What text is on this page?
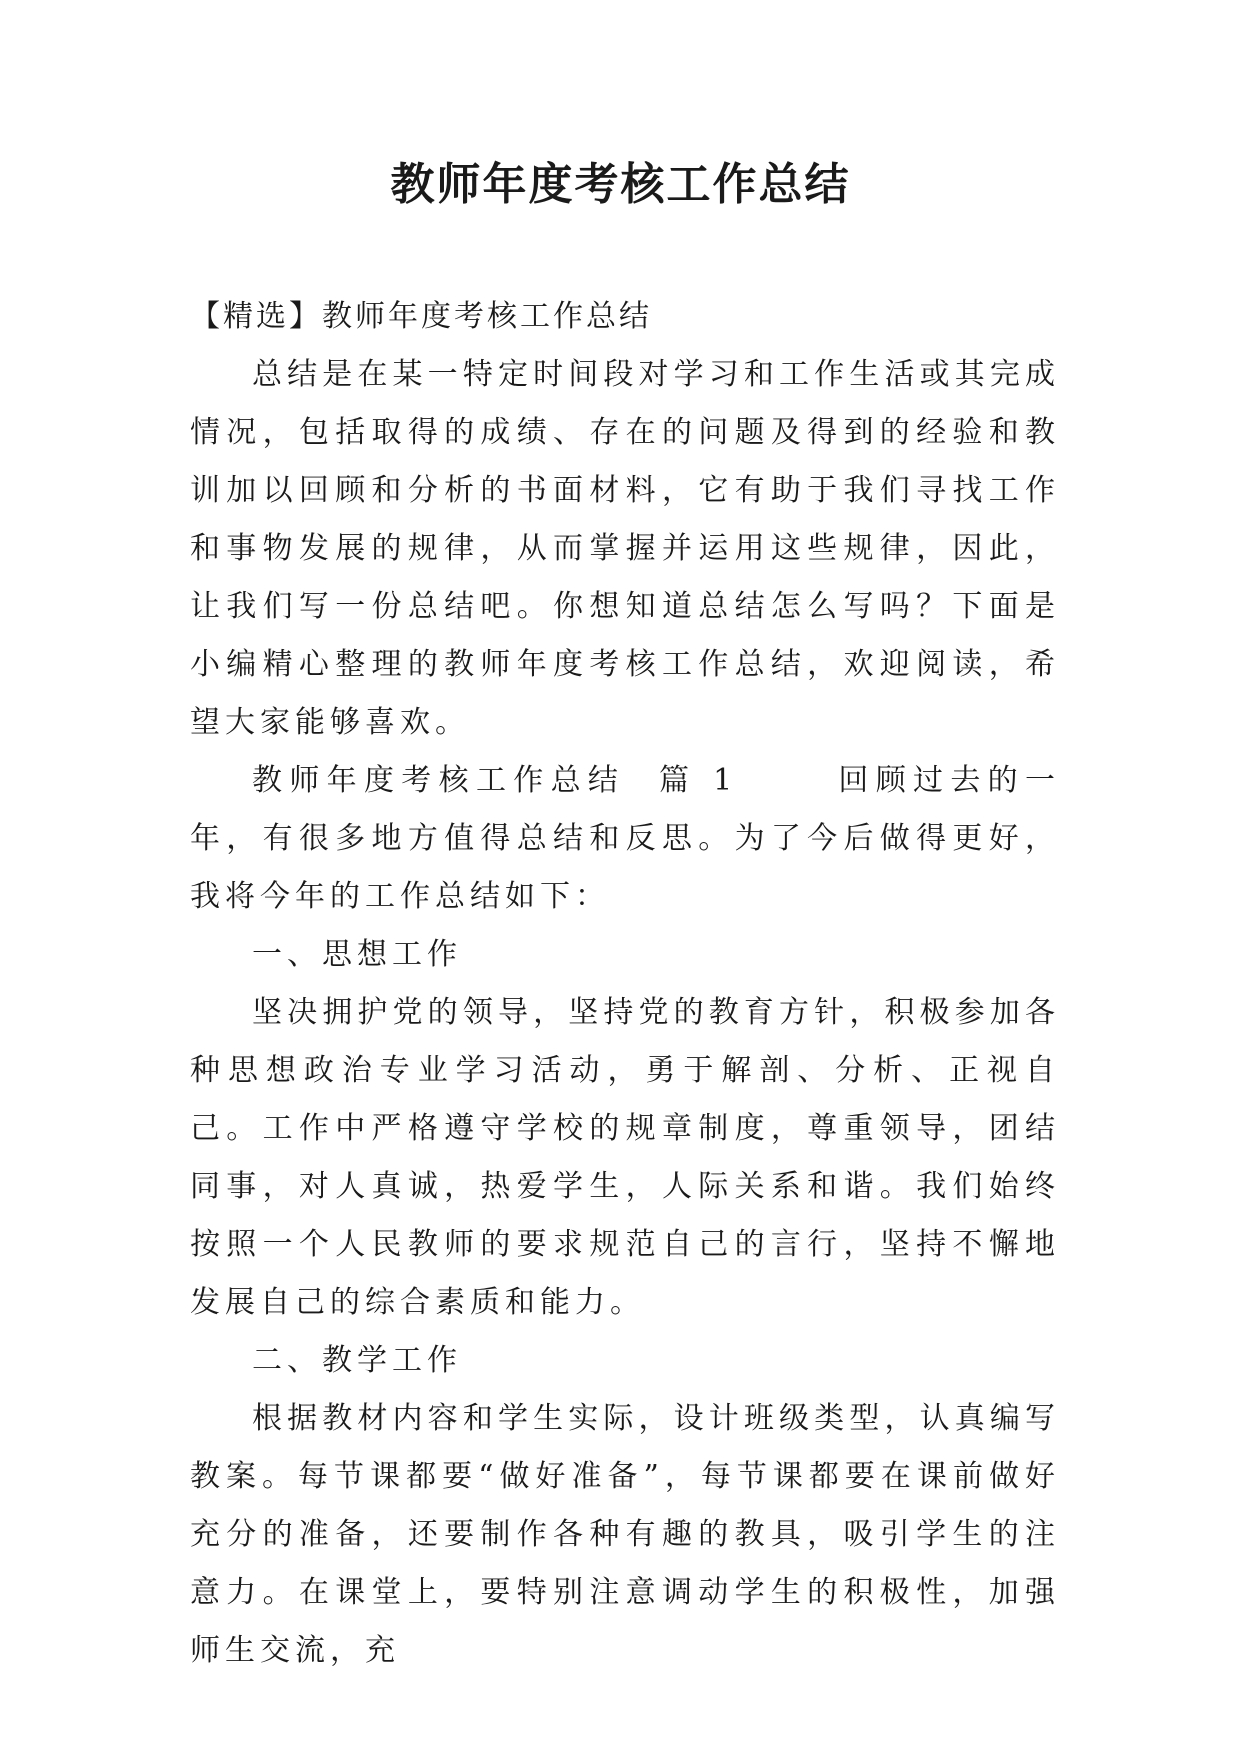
教师年度考核工作总结

【精选】教师年度考核工作总结

总结是在某一特定时间段对学习和工作生活或其完成情况，包括取得的成绩、存在的问题及得到的经验和教训加以回顾和分析的书面材料，它有助于我们寻找工作和事物发展的规律，从而掌握并运用这些规律，因此，让我们写一份总结吧。你想知道总结怎么写吗？下面是小编精心整理的教师年度考核工作总结，欢迎阅读，希望大家能够喜欢。

教师年度考核工作总结  篇 1      回顾过去的一年，有很多地方值得总结和反思。为了今后做得更好，我将今年的工作总结如下：

一、思想工作

坚决拥护党的领导，坚持党的教育方针，积极参加各种思想政治专业学习活动，勇于解剖、分析、正视自己。工作中严格遵守学校的规章制度，尊重领导，团结同事，对人真诚，热爱学生，人际关系和谐。我们始终按照一个人民教师的要求规范自己的言行，坚持不懈地发展自己的综合素质和能力。

二、教学工作

根据教材内容和学生实际，设计班级类型，认真编写教案。每节课都要“做好准备”，每节课都要在课前做好充分的准备，还要制作各种有趣的教具，吸引学生的注意力。在课堂上，要特别注意调动学生的积极性，加强师生交流，充
